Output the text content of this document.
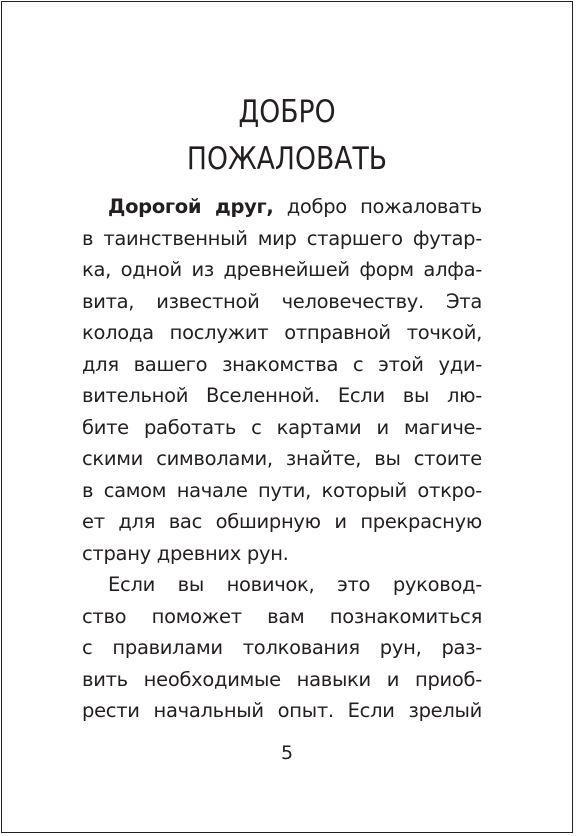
ДОБРО
ПОЖАЛОВАТЬ
Дорогой друг, добро пожаловать
в таинственный мир старшего футар-
ка, одной из древнейшей форм алфа-
вита, известной человечеству. Эта
колода послужит отправной точкой,
для вашего знакомства с этой уди-
вительной Вселенной. Если вы лю-
бите работать с картами и магиче-
скими символами, знайте, вы стоите
в самом начале пути, который откро-
ет для вас обширную и прекрасную
страну древних рун.
Если вы новичок, это руковод-
ство поможет вам познакомиться
с правилами толкования рун, раз-
вить необходимые навыки и приоб-
рести начальный опыт. Если зрелый

5
